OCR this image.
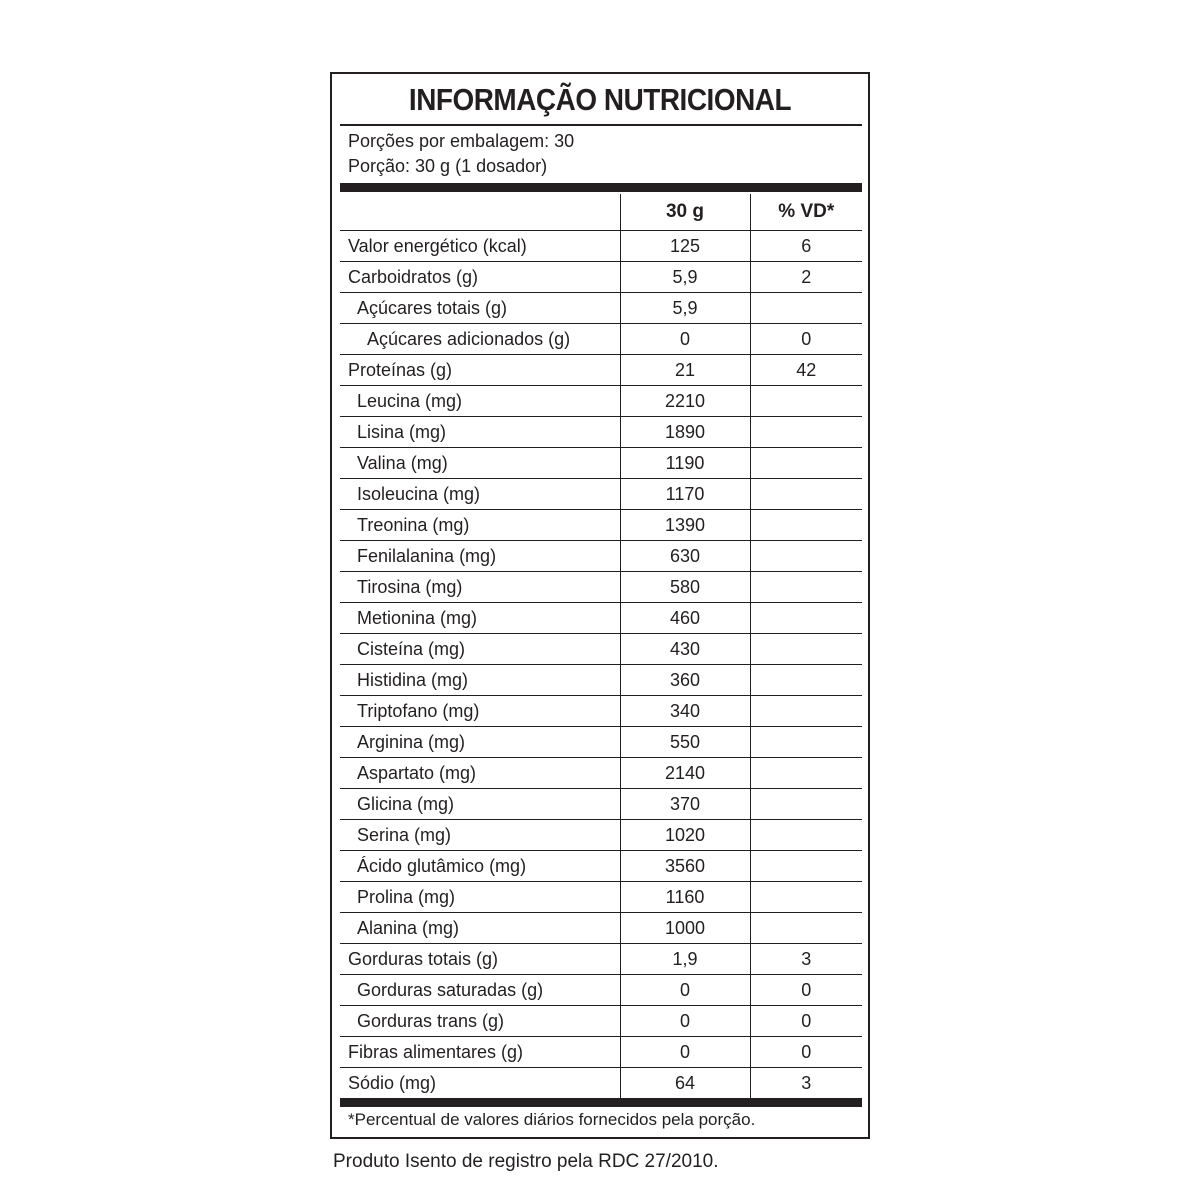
INFORMAÇÃO NUTRICIONAL
Porções por embalagem: 30
Porção: 30 g (1 dosador)
	30 g	% VD*
Valor energético (kcal)	125	6
Carboidratos (g)	5,9	2
Açúcares totais (g)	5,9	
Açúcares adicionados (g)	0	0
Proteínas (g)	21	42
Leucina (mg)	2210	
Lisina (mg)	1890	
Valina (mg)	1190	
Isoleucina (mg)	1170	
Treonina (mg)	1390	
Fenilalanina (mg)	630	
Tirosina (mg)	580	
Metionina (mg)	460	
Cisteína (mg)	430	
Histidina (mg)	360	
Triptofano (mg)	340	
Arginina (mg)	550	
Aspartato (mg)	2140	
Glicina (mg)	370	
Serina (mg)	1020	
Ácido glutâmico (mg)	3560	
Prolina (mg)	1160	
Alanina (mg)	1000	
Gorduras totais (g)	1,9	3
Gorduras saturadas (g)	0	0
Gorduras trans (g)	0	0
Fibras alimentares (g)	0	0
Sódio (mg)	64	3
*Percentual de valores diários fornecidos pela porção.
Produto Isento de registro pela RDC 27/2010.
